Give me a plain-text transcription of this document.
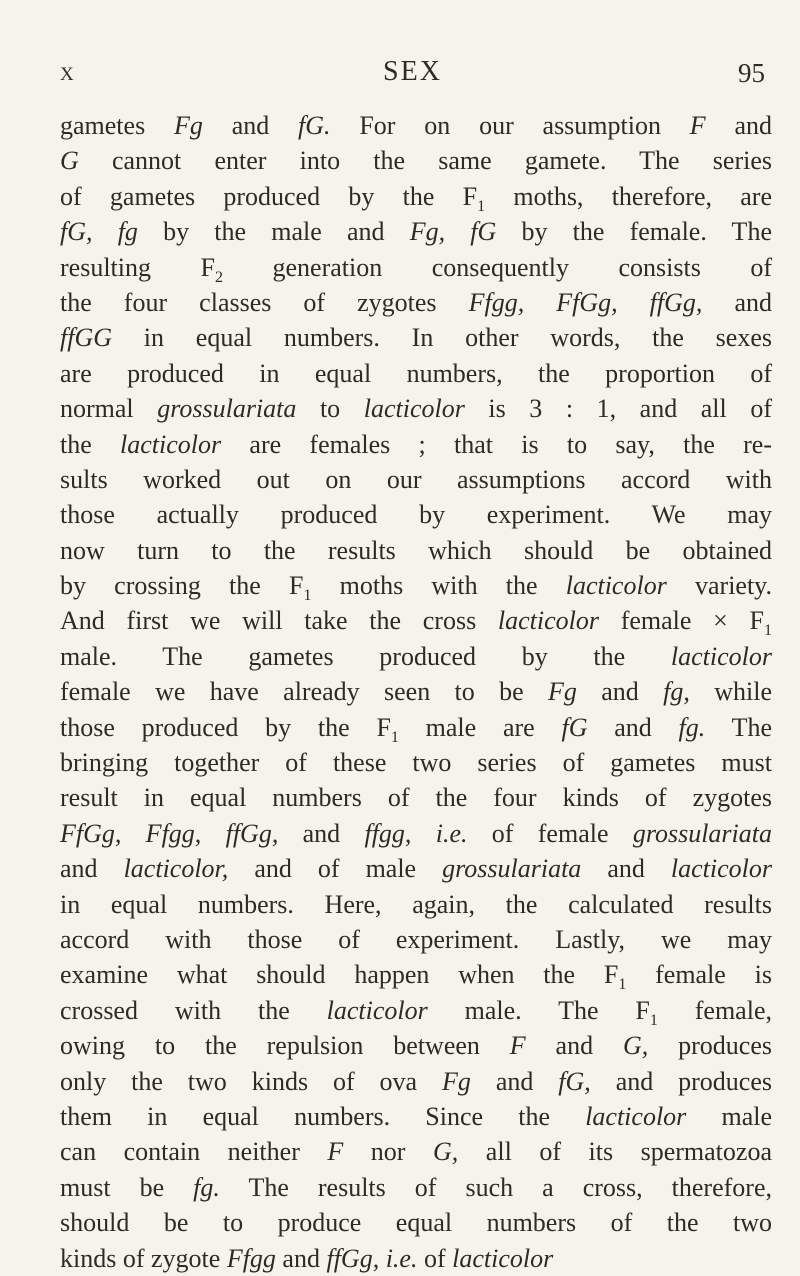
X	SEX	95
gametes Fg and fG. For on our assumption F and
G cannot enter into the same gamete. The series
of gametes produced by the $F_1$ moths, therefore, are
fG, fg by the male and Fg, fG by the female. The
resulting $F_2$ generation consequently consists of
the four classes of zygotes Ffgg, FfGg, ffGg, and
ffGG in equal numbers. In other words, the sexes
are produced in equal numbers, the proportion of
normal grossulariata to lacticolor is 3 : 1, and all of
the lacticolor are females ; that is to say, the re-
sults worked out on our assumptions accord with
those actually produced by experiment. We may
now turn to the results which should be obtained
by crossing the $F_1$ moths with the lacticolor variety.
And first we will take the cross lacticolor female × $F_1$
male. The gametes produced by the lacticolor
female we have already seen to be Fg and fg, while
those produced by the $F_1$ male are fG and fg. The
bringing together of these two series of gametes must
result in equal numbers of the four kinds of zygotes
FfGg, Ffgg, ffGg, and ffgg, i.e. of female grossulariata
and lacticolor, and of male grossulariata and lacticolor
in equal numbers. Here, again, the calculated results
accord with those of experiment. Lastly, we may
examine what should happen when the $F_1$ female is
crossed with the lacticolor male. The $F_1$ female,
owing to the repulsion between F and G, produces
only the two kinds of ova Fg and fG, and produces
them in equal numbers. Since the lacticolor male
can contain neither F nor G, all of its spermatozoa
must be fg. The results of such a cross, therefore,
should be to produce equal numbers of the two
kinds of zygote Ffgg and ffGg, i.e. of lacticolor
